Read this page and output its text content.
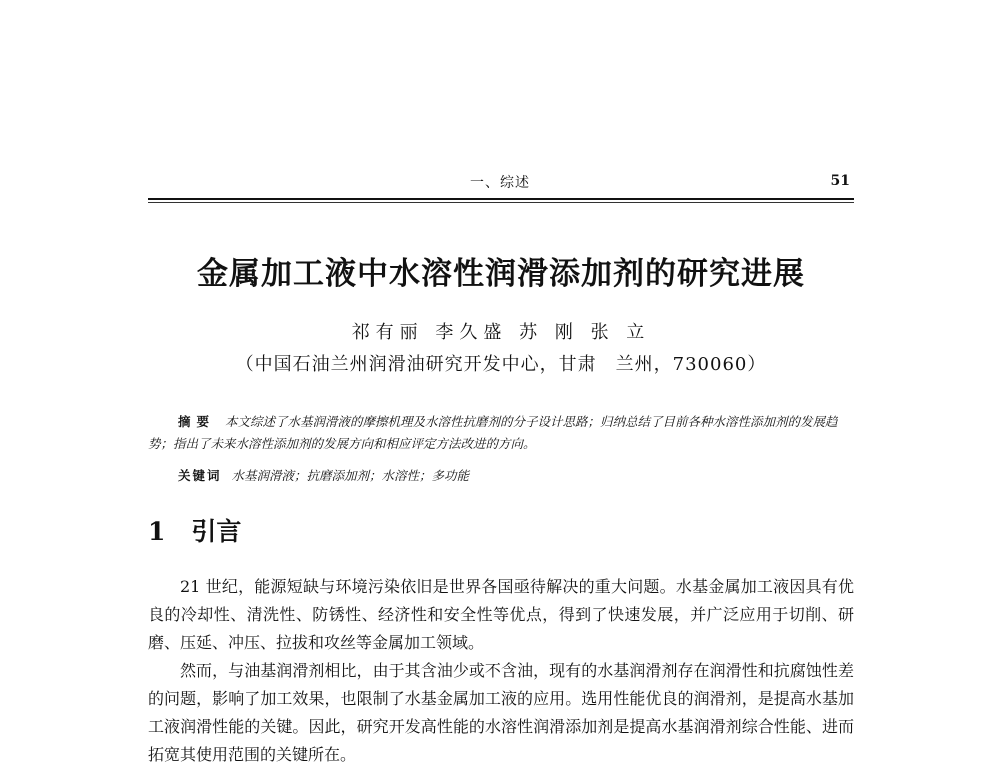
一、综述	51
金属加工液中水溶性润滑添加剂的研究进展
祁有丽 李久盛 苏 刚 张 立
（中国石油兰州润滑油研究开发中心，甘肃　兰州，730060）
摘要 本文综述了水基润滑液的摩擦机理及水溶性抗磨剂的分子设计思路；归纳总结了目前各种水溶性添加剂的发展趋势；指出了未来水溶性添加剂的发展方向和相应评定方法改进的方向。
关键词 水基润滑液；抗磨添加剂；水溶性；多功能
1 引言

21 世纪，能源短缺与环境污染依旧是世界各国亟待解决的重大问题。水基金属加工液因具有优良的冷却性、清洗性、防锈性、经济性和安全性等优点，得到了快速发展，并广泛应用于切削、研磨、压延、冲压、拉拔和攻丝等金属加工领域。

然而，与油基润滑剂相比，由于其含油少或不含油，现有的水基润滑剂存在润滑性和抗腐蚀性差的问题，影响了加工效果，也限制了水基金属加工液的应用。选用性能优良的润滑剂，是提高水基加工液润滑性能的关键。因此，研究开发高性能的水溶性润滑添加剂是提高水基润滑剂综合性能、进而拓宽其使用范围的关键所在。
